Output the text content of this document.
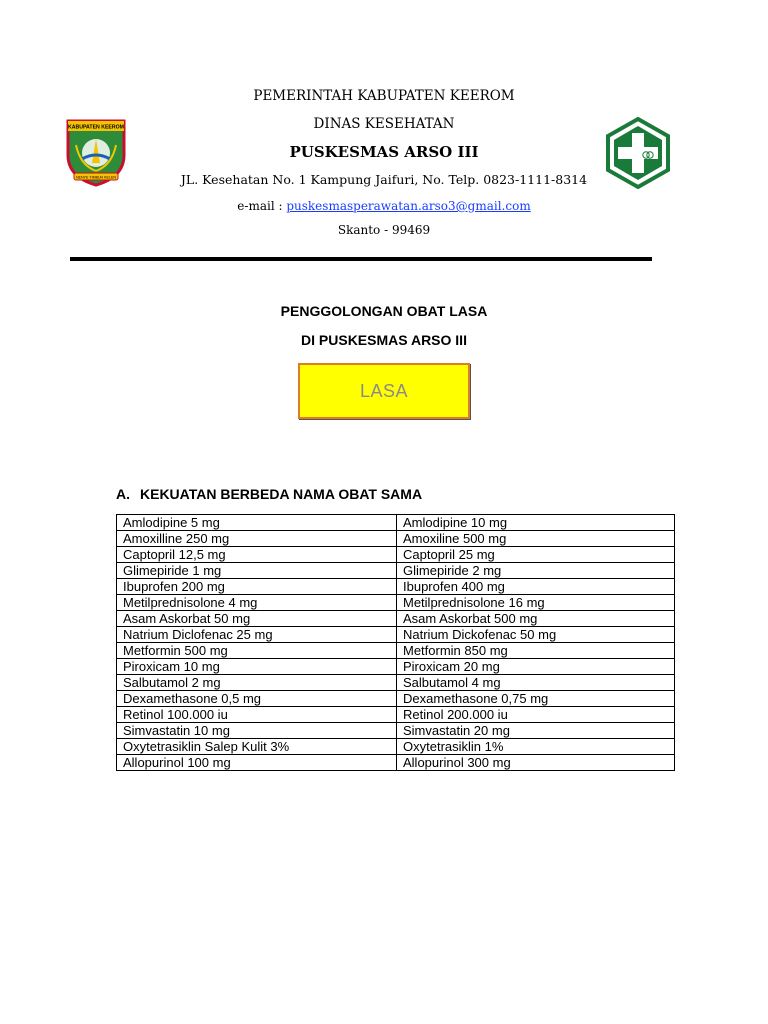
KABUPATEN KEEROM
NENYE TIMBUH KELEN
PEMERINTAH KABUPATEN KEEROM
DINAS KESEHATAN
PUSKESMAS ARSO III
JL. Kesehatan No. 1 Kampung Jaifuri, No. Telp. 0823-1111-8314
e-mail : puskesmasperawatan.arso3@gmail.com
Skanto - 99469
PENGGOLONGAN OBAT LASA
DI PUSKESMAS ARSO III
LASA
A. KEKUATAN BERBEDA NAMA OBAT SAMA
Amlodipine 5 mg	Amlodipine 10 mg
Amoxilline 250 mg	Amoxiline 500 mg
Captopril 12,5 mg	Captopril 25 mg
Glimepiride 1 mg	Glimepiride 2 mg
Ibuprofen 200 mg	Ibuprofen 400 mg
Metilprednisolone 4 mg	Metilprednisolone 16 mg
Asam Askorbat 50 mg	Asam Askorbat 500 mg
Natrium Diclofenac 25 mg	Natrium Dickofenac 50 mg
Metformin 500 mg	Metformin 850 mg
Piroxicam 10 mg	Piroxicam 20 mg
Salbutamol 2 mg	Salbutamol 4 mg
Dexamethasone 0,5 mg	Dexamethasone 0,75 mg
Retinol 100.000 iu	Retinol 200.000 iu
Simvastatin 10 mg	Simvastatin 20 mg
Oxytetrasiklin Salep Kulit 3%	Oxytetrasiklin 1%
Allopurinol 100 mg	Allopurinol 300 mg
